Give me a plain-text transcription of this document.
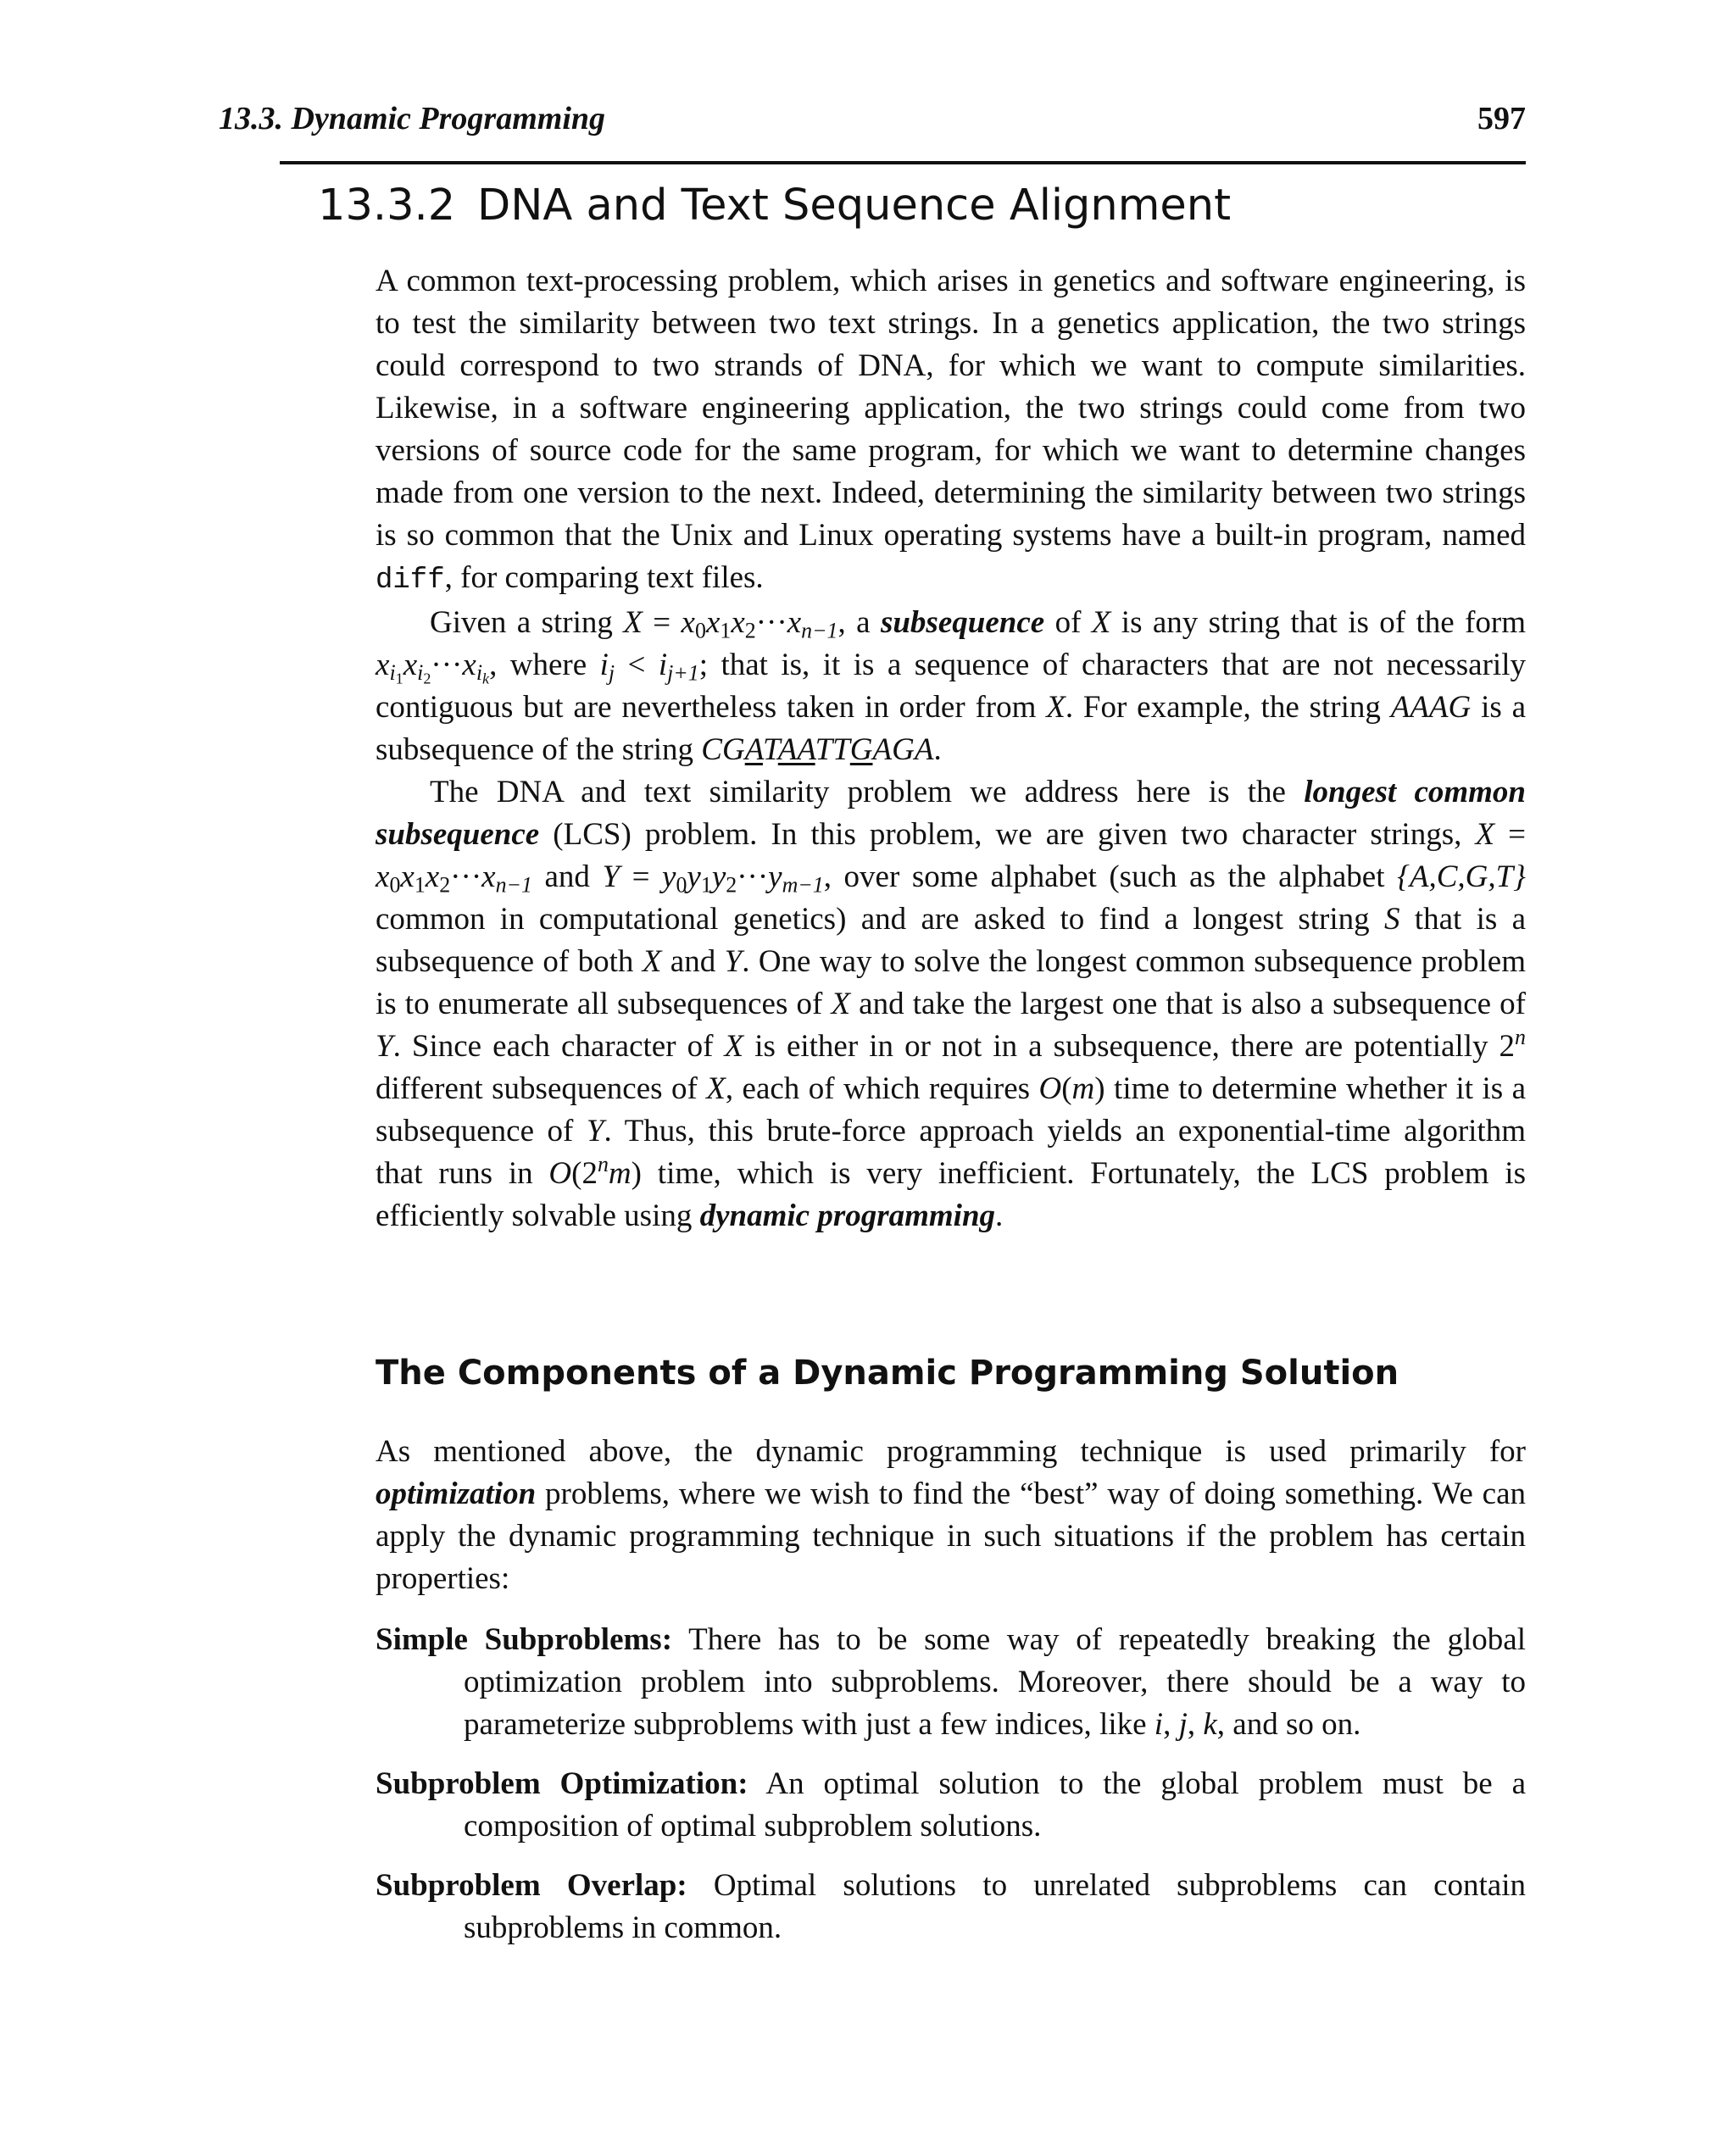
13.3. Dynamic Programming	597
13.3.2 DNA and Text Sequence Alignment

A common text-processing problem, which arises in genetics and software engineering, is to test the similarity between two text strings. In a genetics application, the two strings could correspond to two strands of DNA, for which we want to compute similarities. Likewise, in a software engineering application, the two strings could come from two versions of source code for the same program, for which we want to determine changes made from one version to the next. Indeed, determining the similarity between two strings is so common that the Unix and Linux operating systems have a built-in program, named diff, for comparing text files.

Given a string $X = x_0x_1x_2\cdot\cdot\cdot x_{n-1}$, a subsequence of X is any string that is of the form $x_{i_1}x_{i_2}\cdot\cdot\cdot x_{i_k}$, where $i_j < i_{j+1}$; that is, it is a sequence of characters that are not necessarily contiguous but are nevertheless taken in order from X. For example, the string AAAG is a subsequence of the string CGATAATTGAGA.

The DNA and text similarity problem we address here is the longest common subsequence (LCS) problem. In this problem, we are given two character strings, $X = x_0x_1x_2\cdot\cdot\cdot x_{n-1}$ and $Y = y_0y_1y_2\cdot\cdot\cdot y_{m-1}$, over some alphabet (such as the alphabet {A,C,G,T} common in computational genetics) and are asked to find a longest string S that is a subsequence of both X and Y. One way to solve the longest common subsequence problem is to enumerate all subsequences of X and take the largest one that is also a subsequence of Y. Since each character of X is either in or not in a subsequence, there are potentially 2$^n$ different subsequences of X, each of which requires O(m) time to determine whether it is a subsequence of Y. Thus, this brute-force approach yields an exponential-time algorithm that runs in O(2$^n$m) time, which is very inefficient. Fortunately, the LCS problem is efficiently solvable using dynamic programming.

The Components of a Dynamic Programming Solution

As mentioned above, the dynamic programming technique is used primarily for optimization problems, where we wish to find the “best” way of doing something. We can apply the dynamic programming technique in such situations if the problem has certain properties:

Simple Subproblems: There has to be some way of repeatedly breaking the global optimization problem into subproblems. Moreover, there should be a way to parameterize subproblems with just a few indices, like i, j, k, and so on.
Subproblem Optimization: An optimal solution to the global problem must be a composition of optimal subproblem solutions.
Subproblem Overlap: Optimal solutions to unrelated subproblems can contain subproblems in common.
